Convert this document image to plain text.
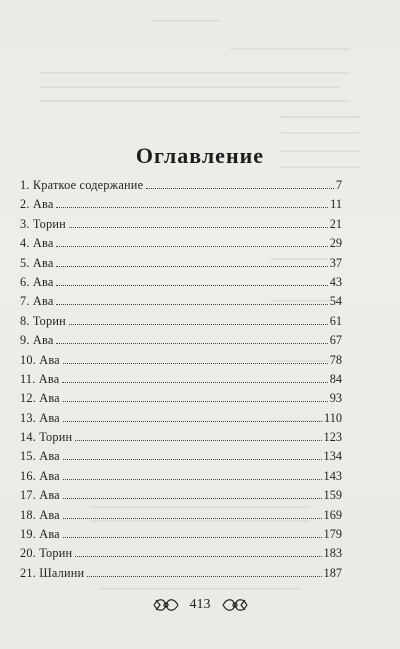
Оглавление
1. Краткое содержание	7
2. Ава	11
3. Торин	21
4. Ава	29
5. Ава	37
6. Ава	43
7. Ава	54
8. Торин	61
9. Ава	67
10. Ава	78
11. Ава	84
12. Ава	93
13. Ава	110
14. Торин	123
15. Ава	134
16. Ава	143
17. Ава	159
18. Ава	169
19. Ава	179
20. Торин	183
21. Шалини	187
413
